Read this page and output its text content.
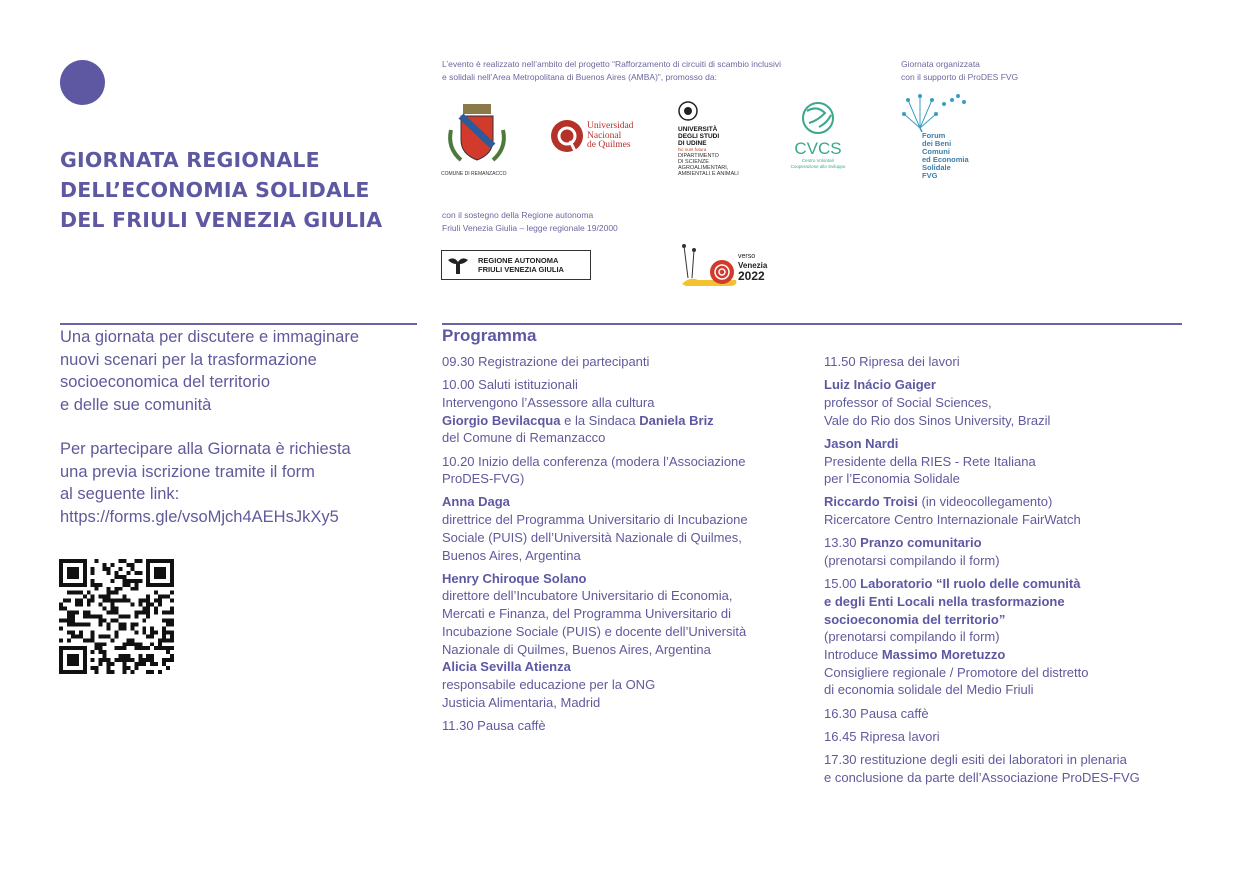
GIORNATA REGIONALE
DELL’ECONOMIA SOLIDALE
DEL FRIULI VENEZIA GIULIA
L’evento è realizzato nell’ambito del progetto “Rafforzamento di circuiti di scambio inclusivi
e solidali nell’Area Metropolitana di Buenos Aires (AMBA)”, promosso da:
Giornata organizzata
con il supporto di ProDES FVG
COMUNE DI REMANZACCO
Universidad
Nacional
de Quilmes
UNIVERSITÀ
DEGLI STUDI
DI UDINE
hic sunt futura
DIPARTIMENTO
DI SCIENZE
AGROALIMENTARI,
AMBIENTALI E ANIMALI
CVCS
Centro Volontari
Cooperazione allo Sviluppo
Forum
dei Beni
Comuni
ed Economia
Solidale
FVG
con il sostegno della Regione autonoma
Friuli Venezia Giulia – legge regionale 19/2000
REGIONE AUTONOMA
FRIULI VENEZIA GIULIA
verso
Venezia
2022
Una giornata per discutere e immaginare
nuovi scenari per la trasformazione
socioeconomica del territorio
e delle sue comunità
Per partecipare alla Giornata è richiesta
una previa iscrizione tramite il form
al seguente link:
https://forms.gle/vsoMjch4AEHsJkXy5
Programma
09.30 Registrazione dei partecipanti
10.00 Saluti istituzionali
Intervengono l’Assessore alla cultura
Giorgio Bevilacqua e la Sindaca Daniela Briz
del Comune di Remanzacco
10.20 Inizio della conferenza (modera l’Associazione
ProDES-FVG)
Anna Daga
direttrice del Programma Universitario di Incubazione
Sociale (PUIS) dell’Università Nazionale di Quilmes,
Buenos Aires, Argentina
Henry Chiroque Solano
direttore dell’Incubatore Universitario di Economia,
Mercati e Finanza, del Programma Universitario di
Incubazione Sociale (PUIS) e docente dell’Università
Nazionale di Quilmes, Buenos Aires, Argentina
Alicia Sevilla Atienza
responsabile educazione per la ONG
Justicia Alimentaria, Madrid
11.30 Pausa caffè
11.50 Ripresa dei lavori
Luiz Inácio Gaiger
professor of Social Sciences,
Vale do Rio dos Sinos University, Brazil
Jason Nardi
Presidente della RIES - Rete Italiana
per l’Economia Solidale
Riccardo Troisi (in videocollegamento)
Ricercatore Centro Internazionale FairWatch
13.30 Pranzo comunitario
(prenotarsi compilando il form)
15.00 Laboratorio “Il ruolo delle comunità
e degli Enti Locali nella trasformazione
socioeconomia del territorio”
(prenotarsi compilando il form)
Introduce Massimo Moretuzzo
Consigliere regionale / Promotore del distretto
di economia solidale del Medio Friuli
16.30 Pausa caffè
16.45 Ripresa lavori
17.30 restituzione degli esiti dei laboratori in plenaria
e conclusione da parte dell’Associazione ProDES-FVG
